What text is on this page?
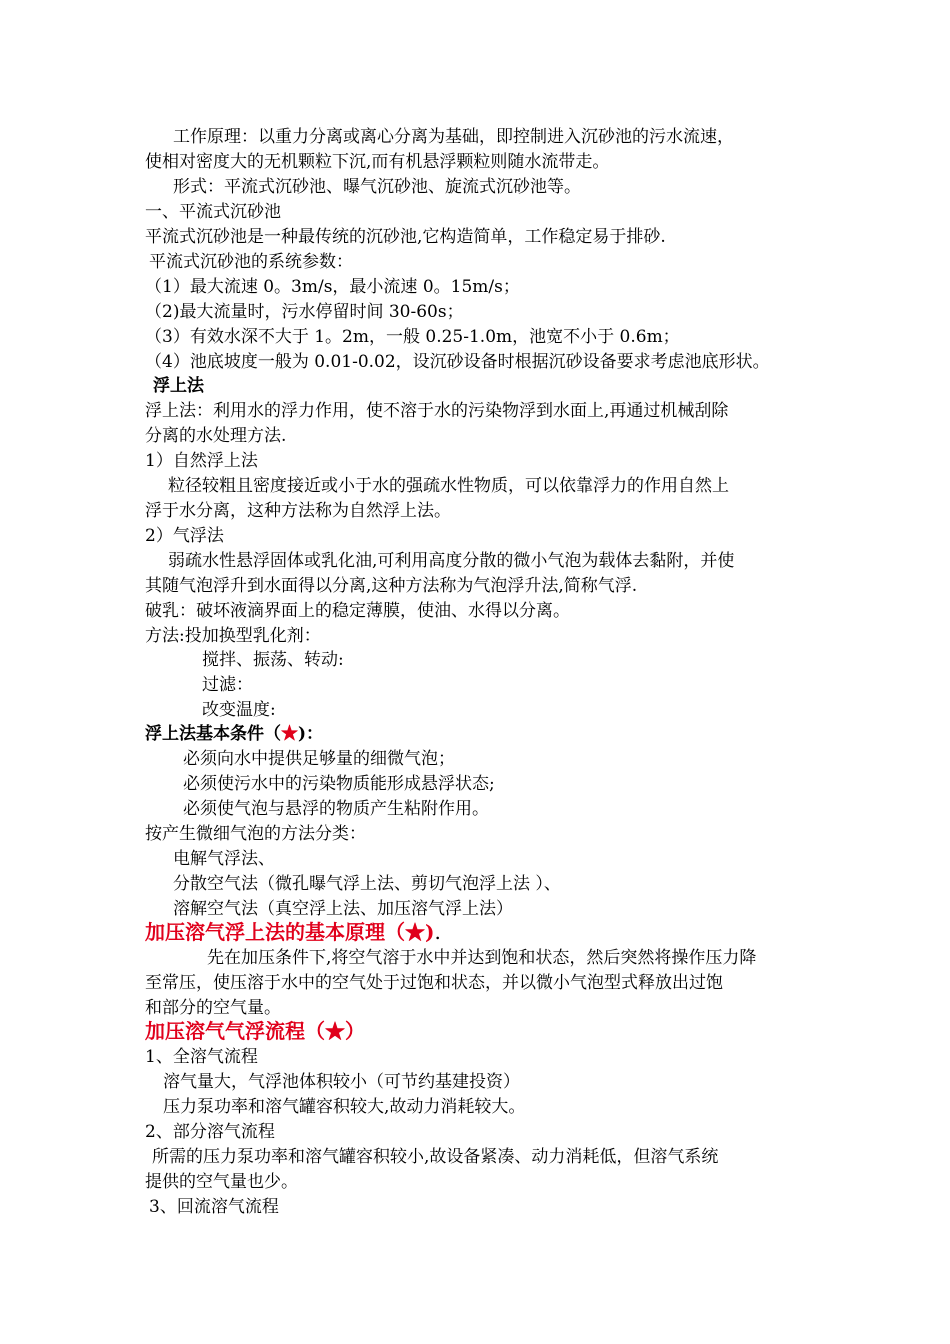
工作原理：以重力分离或离心分离为基础，即控制进入沉砂池的污水流速，
使相对密度大的无机颗粒下沉,而有机悬浮颗粒则随水流带走。
形式：平流式沉砂池、曝气沉砂池、旋流式沉砂池等。
一、平流式沉砂池
平流式沉砂池是一种最传统的沉砂池,它构造简单，工作稳定易于排砂.
平流式沉砂池的系统参数：
（1）最大流速 0。3m/s，最小流速 0。15m/s；
（2)最大流量时，污水停留时间 30-60s；
（3）有效水深不大于 1。2m，一般 0.25-1.0m，池宽不小于 0.6m；
（4）池底坡度一般为 0.01-0.02，设沉砂设备时根据沉砂设备要求考虑池底形状。
浮上法
浮上法：利用水的浮力作用，使不溶于水的污染物浮到水面上,再通过机械刮除
分离的水处理方法.
1）自然浮上法
粒径较粗且密度接近或小于水的强疏水性物质，可以依靠浮力的作用自然上
浮于水分离，这种方法称为自然浮上法。
2）气浮法
弱疏水性悬浮固体或乳化油,可利用高度分散的微小气泡为载体去黏附，并使
其随气泡浮升到水面得以分离,这种方法称为气泡浮升法,简称气浮.
破乳：破坏液滴界面上的稳定薄膜，使油、水得以分离。
方法:投加换型乳化剂：
搅拌、振荡、转动:
过滤：
改变温度:
浮上法基本条件（★)：
必须向水中提供足够量的细微气泡；
必须使污水中的污染物质能形成悬浮状态;
必须使气泡与悬浮的物质产生粘附作用。
按产生微细气泡的方法分类：
电解气浮法、
分散空气法（微孔曝气浮上法、剪切气泡浮上法 ）、
溶解空气法（真空浮上法、加压溶气浮上法）
加压溶气浮上法的基本原理（★).
先在加压条件下,将空气溶于水中并达到饱和状态，然后突然将操作压力降
至常压，使压溶于水中的空气处于过饱和状态，并以微小气泡型式释放出过饱
和部分的空气量。
加压溶气气浮流程（★）
1、全溶气流程
溶气量大，气浮池体积较小（可节约基建投资）
压力泵功率和溶气罐容积较大,故动力消耗较大。
2、部分溶气流程
所需的压力泵功率和溶气罐容积较小,故设备紧凑、动力消耗低，但溶气系统
提供的空气量也少。
3、回流溶气流程
